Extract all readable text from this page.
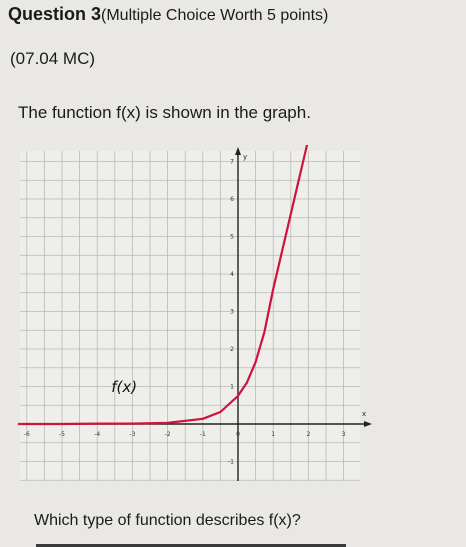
Question 3(Multiple Choice Worth 5 points)
(07.04 MC)
The function f(x) is shown in the graph.
x
y
-6	-5	-4	-3	-2	-1	0	1	2	3
-1
1
2
3
4
5
6
7
f(x)
Which type of function describes f(x)?
